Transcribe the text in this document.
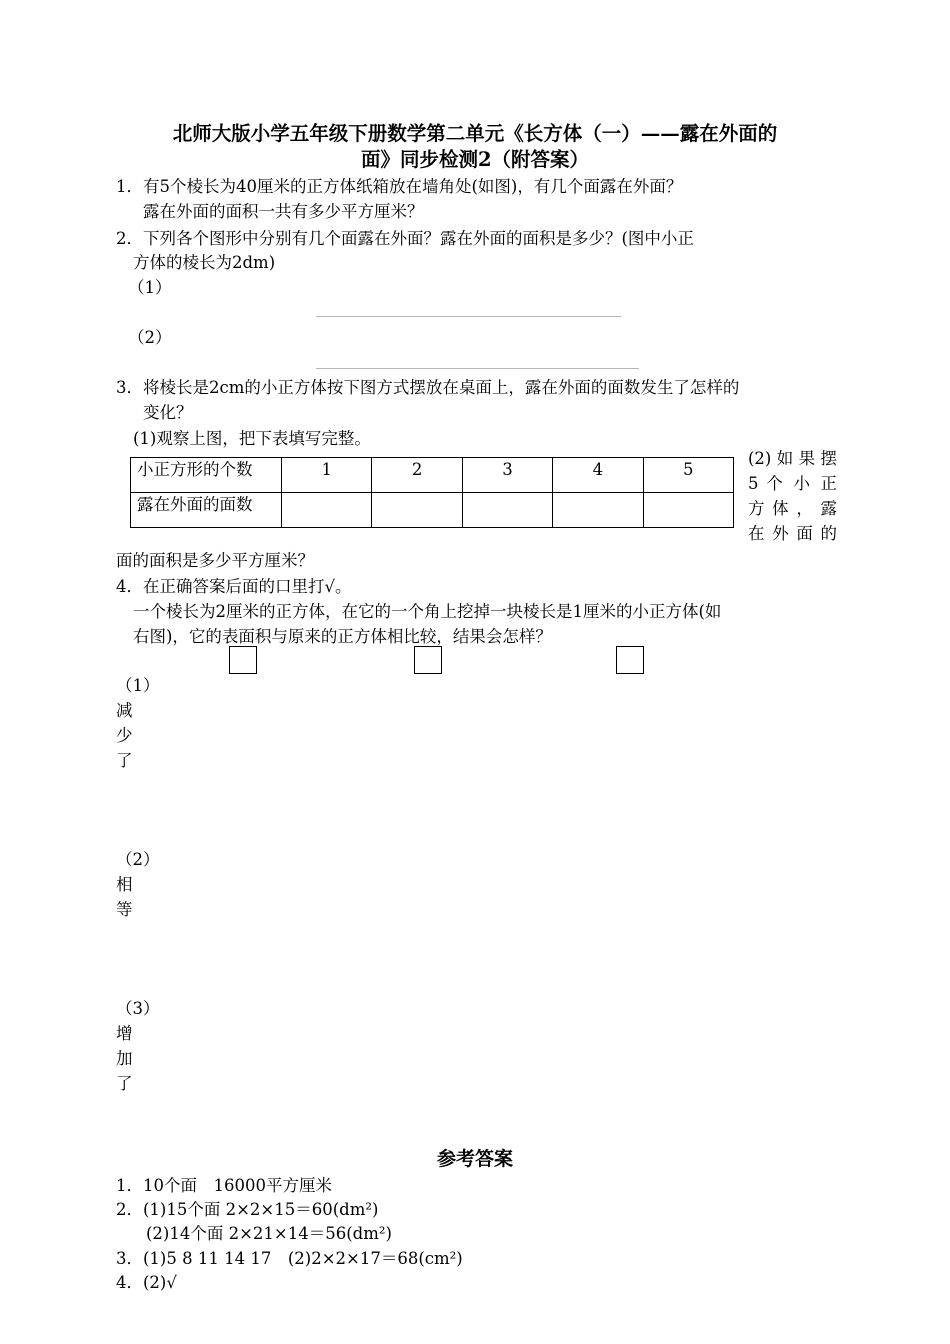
北师大版小学五年级下册数学第二单元《长方体（一）——露在外面的
面》同步检测2（附答案）
1．有5个棱长为40厘米的正方体纸箱放在墙角处(如图)，有几个面露在外面？
露在外面的面积一共有多少平方厘米？
2．下列各个图形中分别有几个面露在外面？露在外面的面积是多少？(图中小正
方体的棱长为2dm)
（1）
（2）
3．将棱长是2cm的小正方体按下图方式摆放在桌面上，露在外面的面数发生了怎样的
变化？
(1)观察上图，把下表填写完整。
小正方形的个数	1	2	3	4	5
露在外面的面数					
(2)如果摆
5 个 小 正
方体，露
在 外 面 的
面的面积是多少平方厘米？
4．在正确答案后面的口里打√。
一个棱长为2厘米的正方体，在它的一个角上挖掉一块棱长是1厘米的小正方体(如
右图)，它的表面积与原来的正方体相比较，结果会怎样？
（1）减少了
（2）相等
（3）增加了
参考答案
1．10个面　16000平方厘米
2．(1)15个面 2×2×15＝60(dm²)
(2)14个面 2×21×14＝56(dm²)
3．(1)5 8 11 14 17　(2)2×2×17＝68(cm²)
4．(2)√
